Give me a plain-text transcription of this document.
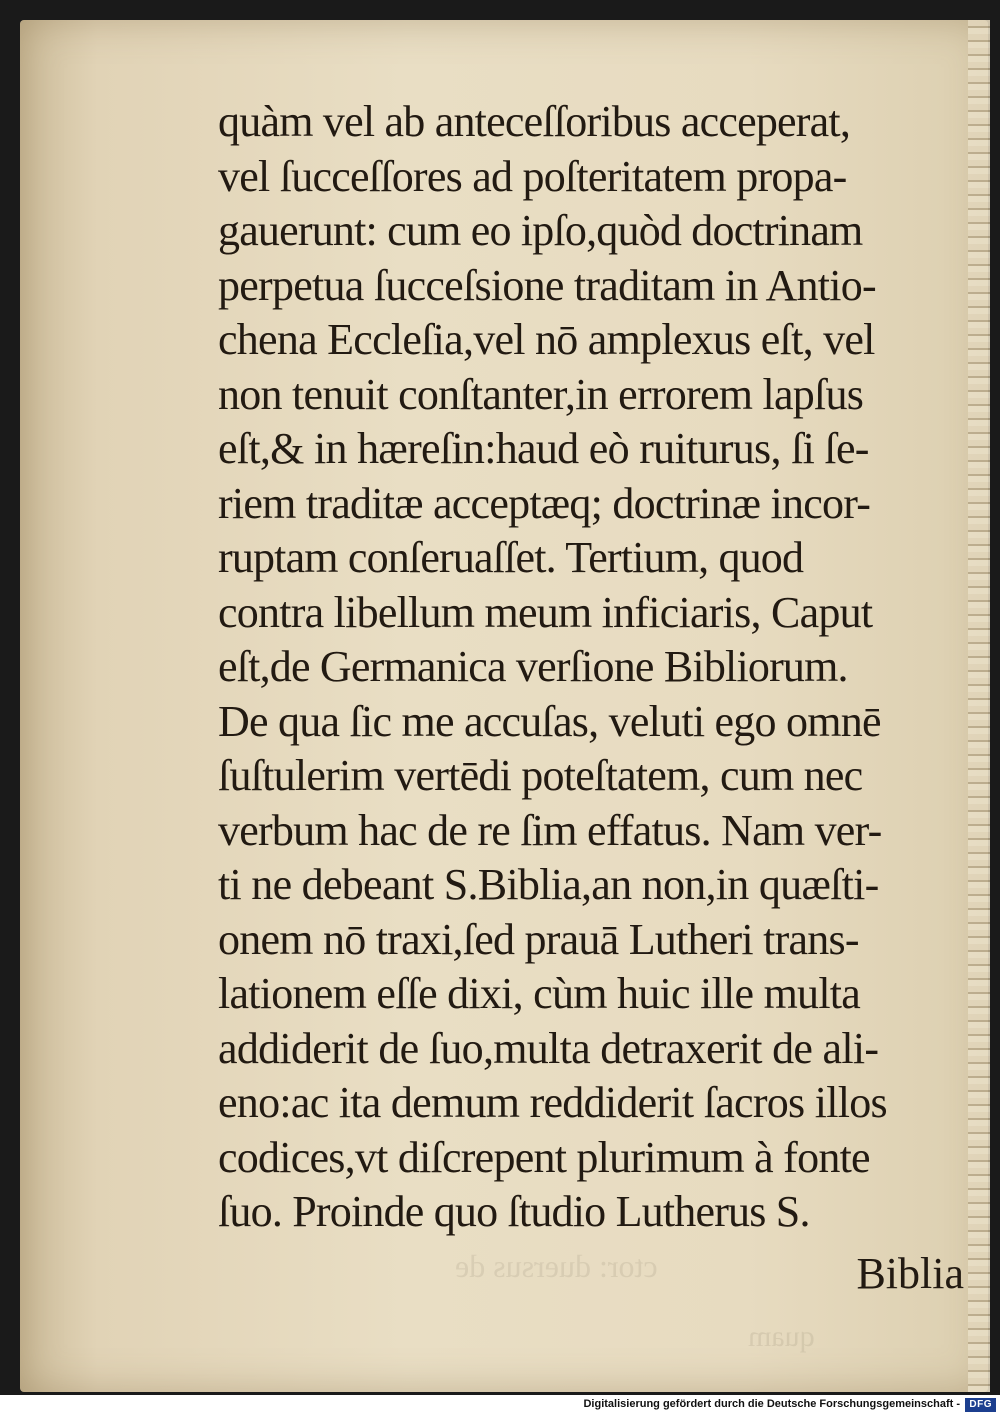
ctor: duersus de
quam
quàm vel ab anteceſſoribus acceperat,
vel ſucceſſores ad poſteritatem propa-
gauerunt: cum eo ipſo,quòd doctrinam
perpetua ſucceſsione traditam in Antio-
chena Eccleſia,vel nō amplexus eſt, vel
non tenuit conſtanter,in errorem lapſus
eſt,& in hæreſin:haud eò ruiturus, ſi ſe-
riem traditæ acceptæq; doctrinæ incor-
ruptam conſeruaſſet. Tertium, quod
contra libellum meum inficiaris, Caput
eſt,de Germanica verſione Bibliorum.
De qua ſic me accuſas, veluti ego omnē
ſuſtulerim vertēdi poteſtatem, cum nec
verbum hac de re ſim effatus. Nam ver-
ti ne debeant S.Biblia,an non,in quæſti-
onem nō traxi,ſed prauā Lutheri trans-
lationem eſſe dixi, cùm huic ille multa
addiderit de ſuo,multa detraxerit de ali-
eno:ac ita demum reddiderit ſacros illos
codices,vt diſcrepent plurimum à fonte
ſuo. Proinde quo ſtudio Lutherus S.

Biblia

Digitalisierung gefördert durch die Deutsche Forschungsgemeinschaft - DFG
